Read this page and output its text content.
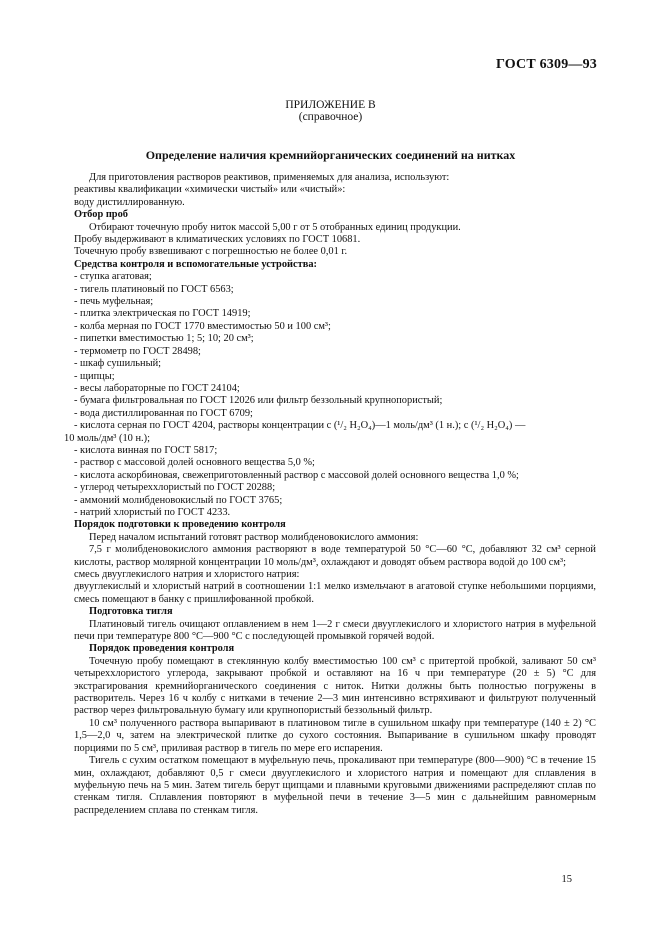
ГОСТ 6309—93
ПРИЛОЖЕНИЕ В
(справочное)
Определение наличия кремнийорганических соединений на нитках

Для приготовления растворов реактивов, применяемых для анализа, используют:

реактивы квалификации «химически чистый» или «чистый»:

воду дистиллированную.

Отбор проб

Отбирают точечную пробу ниток массой 5,00 г от 5 отобранных единиц продукции.

Пробу выдерживают в климатических условиях по ГОСТ 10681.

Точечную пробу взвешивают с погрешностью не более 0,01 г.

Средства контроля и вспомогательные устройства:

- ступка агатовая;

- тигель платиновый по ГОСТ 6563;

- печь муфельная;

- плитка электрическая по ГОСТ 14919;

- колба мерная по ГОСТ 1770 вместимостью 50 и 100 см³;

- пипетки вместимостью 1; 5; 10; 20 см³;

- термометр по ГОСТ 28498;

- шкаф сушильный;

- щипцы;

- весы лабораторные по ГОСТ 24104;

- бумага фильтровальная по ГОСТ 12026 или фильтр беззольный крупнопористый;

- вода дистиллированная по ГОСТ 6709;

- кислота серная по ГОСТ 4204, растворы концентрации c (¹/₂ H₂O₄)—1 моль/дм³ (1 н.); c (¹/₂ H₂O₄) —

10 моль/дм³ (10 н.);

- кислота винная по ГОСТ 5817;

- раствор с массовой долей основного вещества 5,0 %;

- кислота аскорбиновая, свежеприготовленный раствор с массовой долей основного вещества 1,0 %;

- углерод четыреххлористый по ГОСТ 20288;

- аммоний молибденовокислый по ГОСТ 3765;

- натрий хлористый по ГОСТ 4233.

Порядок подготовки к проведению контроля

Перед началом испытаний готовят раствор молибденовокислого аммония:

7,5 г молибденовокислого аммония растворяют в воде температурой 50 °С—60 °С, добавляют 32 см³ серной кислоты, раствор молярной концентрации 10 моль/дм³, охлаждают и доводят объем раствора водой до 100 см³;

смесь двууглекислого натрия и хлористого натрия:

двууглекислый и хлористый натрий в соотношении 1:1 мелко измельчают в агатовой ступке небольшими порциями, смесь помещают в банку с пришлифованной пробкой.

Подготовка тигля

Платиновый тигель очищают оплавлением в нем 1—2 г смеси двууглекислого и хлористого натрия в муфельной печи при температуре 800 °С—900 °С с последующей промывкой горячей водой.

Порядок проведения контроля

Точечную пробу помещают в стеклянную колбу вместимостью 100 см³ с притертой пробкой, заливают 50 см³ четыреххлористого углерода, закрывают пробкой и оставляют на 16 ч при температуре (20 ± 5) °С для экстрагирования кремнийорганического соединения с ниток. Нитки должны быть полностью погружены в растворитель. Через 16 ч колбу с нитками в течение 2—3 мин интенсивно встряхивают и фильтруют полученный раствор через фильтровальную бумагу или крупнопористый беззольный фильтр.

10 см³ полученного раствора выпаривают в платиновом тигле в сушильном шкафу при температуре (140 ± 2) °С 1,5—2,0 ч, затем на электрической плитке до сухого состояния. Выпаривание в сушильном шкафу проводят порциями по 5 см³, приливая раствор в тигель по мере его испарения.

Тигель с сухим остатком помещают в муфельную печь, прокаливают при температуре (800—900) °С в течение 15 мин, охлаждают, добавляют 0,5 г смеси двууглекислого и хлористого натрия и помещают для сплавления в муфельную печь на 5 мин. Затем тигель берут щипцами и плавными круговыми движениями распределяют сплав по стенкам тигля. Сплавления повторяют в муфельной печи в течение 3—5 мин с дальнейшим равномерным распределением сплава по стенкам тигля.

15
